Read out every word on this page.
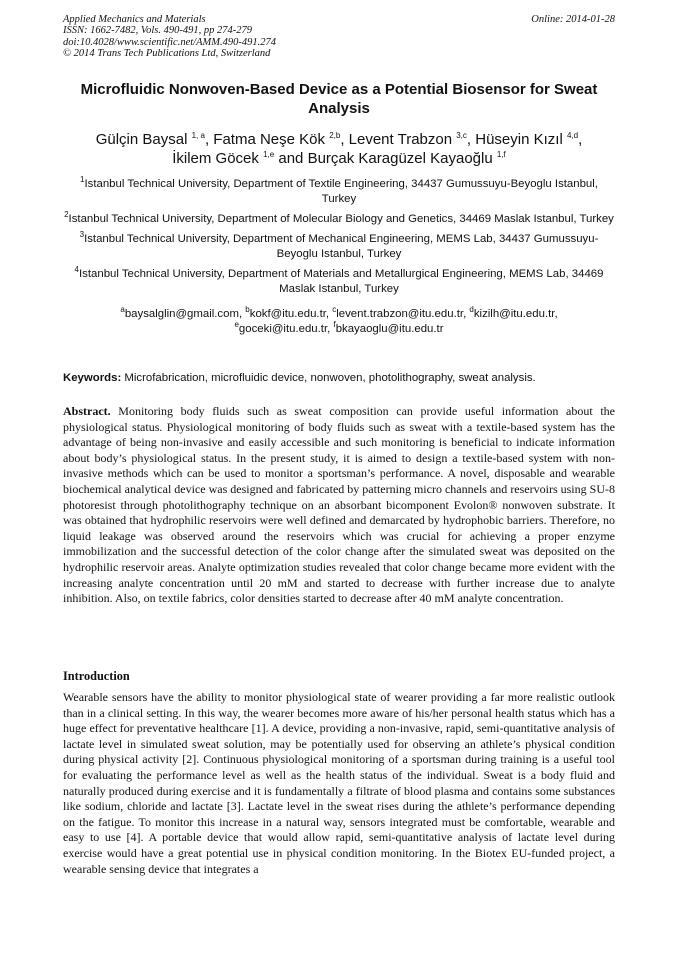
Applied Mechanics and Materials
ISSN: 1662-7482, Vols. 490-491, pp 274-279
doi:10.4028/www.scientific.net/AMM.490-491.274
© 2014 Trans Tech Publications Ltd, Switzerland
Online: 2014-01-28
Microfluidic Nonwoven-Based Device as a Potential Biosensor for Sweat Analysis
Gülçin Baysal $^{1, a}$, Fatma Neşe Kök $^{2,b}$, Levent Trabzon $^{3,c}$, Hüseyin Kızıl $^{4,d}$,
İkilem Göcek $^{1,e}$ and Burçak Karagüzel Kayaoğlu $^{1,f}$
$^1$Istanbul Technical University, Department of Textile Engineering, 34437 Gumussuyu-Beyoglu Istanbul, Turkey
$^2$Istanbul Technical University, Department of Molecular Biology and Genetics, 34469 Maslak Istanbul, Turkey
$^3$Istanbul Technical University, Department of Mechanical Engineering, MEMS Lab, 34437 Gumussuyu-Beyoglu Istanbul, Turkey
$^4$Istanbul Technical University, Department of Materials and Metallurgical Engineering, MEMS Lab, 34469 Maslak Istanbul, Turkey
$^a$baysalglin@gmail.com, $^b$kokf@itu.edu.tr, $^c$levent.trabzon@itu.edu.tr, $^d$kizilh@itu.edu.tr,
$^e$goceki@itu.edu.tr, $^f$bkayaoglu@itu.edu.tr
Keywords: Microfabrication, microfluidic device, nonwoven, photolithography, sweat analysis.

Abstract. Monitoring body fluids such as sweat composition can provide useful information about the physiological status. Physiological monitoring of body fluids such as sweat with a textile-based system has the advantage of being non-invasive and easily accessible and such monitoring is beneficial to indicate information about body’s physiological status. In the present study, it is aimed to design a textile-based system with non-invasive methods which can be used to monitor a sportsman’s performance. A novel, disposable and wearable biochemical analytical device was designed and fabricated by patterning micro channels and reservoirs using SU-8 photoresist through photolithography technique on an absorbant bicomponent Evolon® nonwoven substrate. It was obtained that hydrophilic reservoirs were well defined and demarcated by hydrophobic barriers. Therefore, no liquid leakage was observed around the reservoirs which was crucial for achieving a proper enzyme immobilization and the successful detection of the color change after the simulated sweat was deposited on the hydrophilic reservoir areas. Analyte optimization studies revealed that color change became more evident with the increasing analyte concentration until 20 mM and started to decrease with further increase due to analyte inhibition. Also, on textile fabrics, color densities started to decrease after 40 mM analyte concentration.

Introduction

Wearable sensors have the ability to monitor physiological state of wearer providing a far more realistic outlook than in a clinical setting. In this way, the wearer becomes more aware of his/her personal health status which has a huge effect for preventative healthcare [1]. A device, providing a non-invasive, rapid, semi-quantitative analysis of lactate level in simulated sweat solution, may be potentially used for observing an athlete’s physical condition during physical activity [2]. Continuous physiological monitoring of a sportsman during training is a useful tool for evaluating the performance level as well as the health status of the individual. Sweat is a body fluid and naturally produced during exercise and it is fundamentally a filtrate of blood plasma and contains some substances like sodium, chloride and lactate [3]. Lactate level in the sweat rises during the athlete’s performance depending on the fatigue. To monitor this increase in a natural way, sensors integrated must be comfortable, wearable and easy to use [4]. A portable device that would allow rapid, semi-quantitative analysis of lactate level during exercise would have a great potential use in physical condition monitoring. In the Biotex EU-funded project, a wearable sensing device that integrates a
